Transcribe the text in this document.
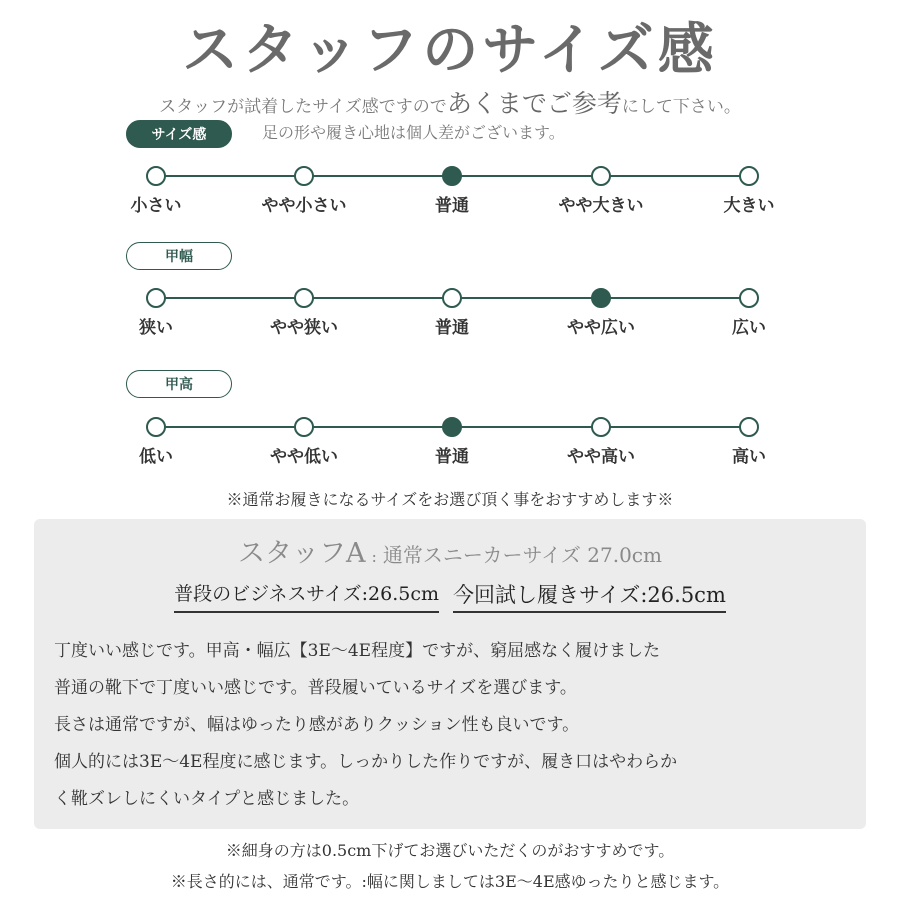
スタッフのサイズ感
スタッフが試着したサイズ感ですのであくまでご参考にして下さい。
足の形や履き心地は個人差がございます。
サイズ感
小さい	やや小さい	普通	やや大きい	大きい
甲幅
狭い	やや狭い	普通	やや広い	広い
甲高
低い	やや低い	普通	やや高い	高い
※通常お履きになるサイズをお選び頂く事をおすすめします※
スタッフA : 通常スニーカーサイズ 27.0cm
普段のビジネスサイズ:26.5cm 今回試し履きサイズ:26.5cm

丁度いい感じです。甲高・幅広【3E～4E程度】ですが、窮屈感なく履けました

普通の靴下で丁度いい感じです。普段履いているサイズを選びます。

長さは通常ですが、幅はゆったり感がありクッション性も良いです。

個人的には3E～4E程度に感じます。しっかりした作りですが、履き口はやわらか

く靴ズレしにくいタイプと感じました。

※細身の方は0.5cm下げてお選びいただくのがおすすめです。
※長さ的には、通常です。:幅に関しましては3E～4E感ゆったりと感じます。
